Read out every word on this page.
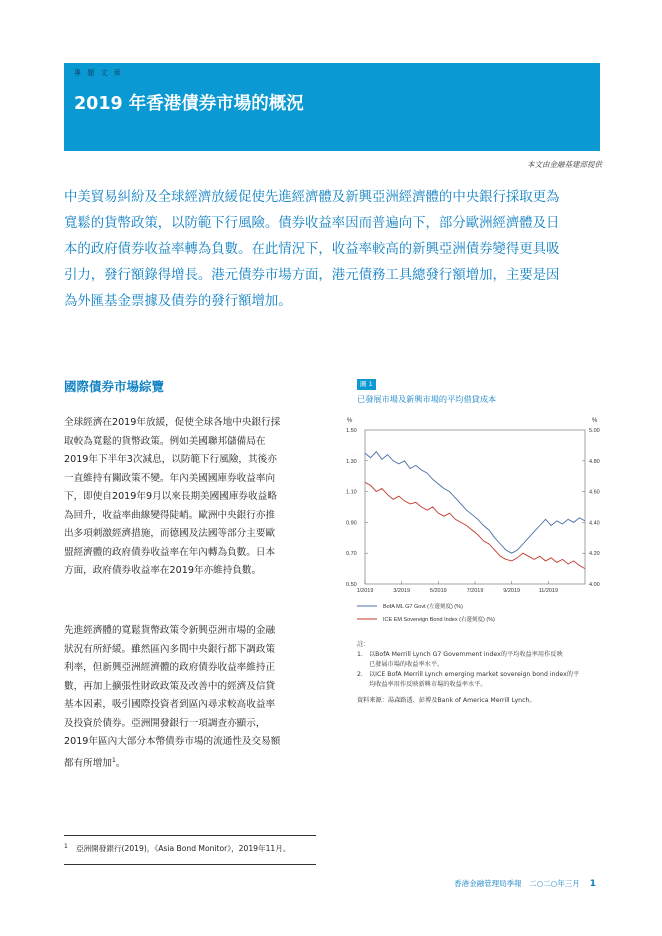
專 題 文 章
2019 年香港債券市場的概況
本文由金融基建部提供

中美貿易糾紛及全球經濟放緩促使先進經濟體及新興亞洲經濟體的中央銀行採取更為

寬鬆的貨幣政策，以防範下行風險。債券收益率因而普遍向下，部分歐洲經濟體及日

本的政府債券收益率轉為負數。在此情況下，收益率較高的新興亞洲債券變得更具吸

引力，發行額錄得增長。港元債券市場方面，港元債務工具總發行額增加，主要是因

為外匯基金票據及債券的發行額增加。

國際債券市場綜覽

全球經濟在2019年放緩，促使全球各地中央銀行採

取較為寬鬆的貨幣政策。例如美國聯邦儲備局在

2019年下半年3次減息，以防範下行風險，其後亦

一直維持有關政策不變。年內美國國庫券收益率向

下，即使自2019年9月以來長期美國國庫券收益略

為回升，收益率曲線變得陡峭。歐洲中央銀行亦推

出多項刺激經濟措施，而德國及法國等部分主要歐

盟經濟體的政府債券收益率在年內轉為負數。日本

方面，政府債券收益率在2019年亦維持負數。

先進經濟體的寬鬆貨幣政策令新興亞洲市場的金融

狀況有所紓緩。雖然區內多間中央銀行都下調政策

利率，但新興亞洲經濟體的政府債券收益率維持正

數，再加上擴張性財政政策及改善中的經濟及信貸

基本因素，吸引國際投資者到區內尋求較高收益率

及投資於債券。亞洲開發銀行一項調查亦顯示，

2019年區內大部分本幣債券市場的流通性及交易額

都有所增加$^1$。

1 亞洲開發銀行(2019)，《Asia Bond Monitor》，2019年11月。
圖 1
已發展市場及新興市場的平均借貸成本
%	%
1.50
1.30
1.10
0.90
0.70
0.50
5.00
4.80
4.60
4.40
4.20
4.00
1/2019	3/2019	5/2019	7/2019	9/2019	11/2019
BofA ML G7 Govt (左邊刻度) (%)
ICE EM Sovereign Bond Index (右邊刻度) (%)
註：
1. 以BofA Merrill Lynch G7 Government index的平均收益率用作反映
已發展市場的收益率水平。
2. 以ICE BofA Merrill Lynch emerging market sovereign bond index的平
均收益率用作反映新興市場的收益率水平。
資料來源：湯森路透、彭博及Bank of America Merrill Lynch。
香港金融管理局季報　二○二○年三月 1
